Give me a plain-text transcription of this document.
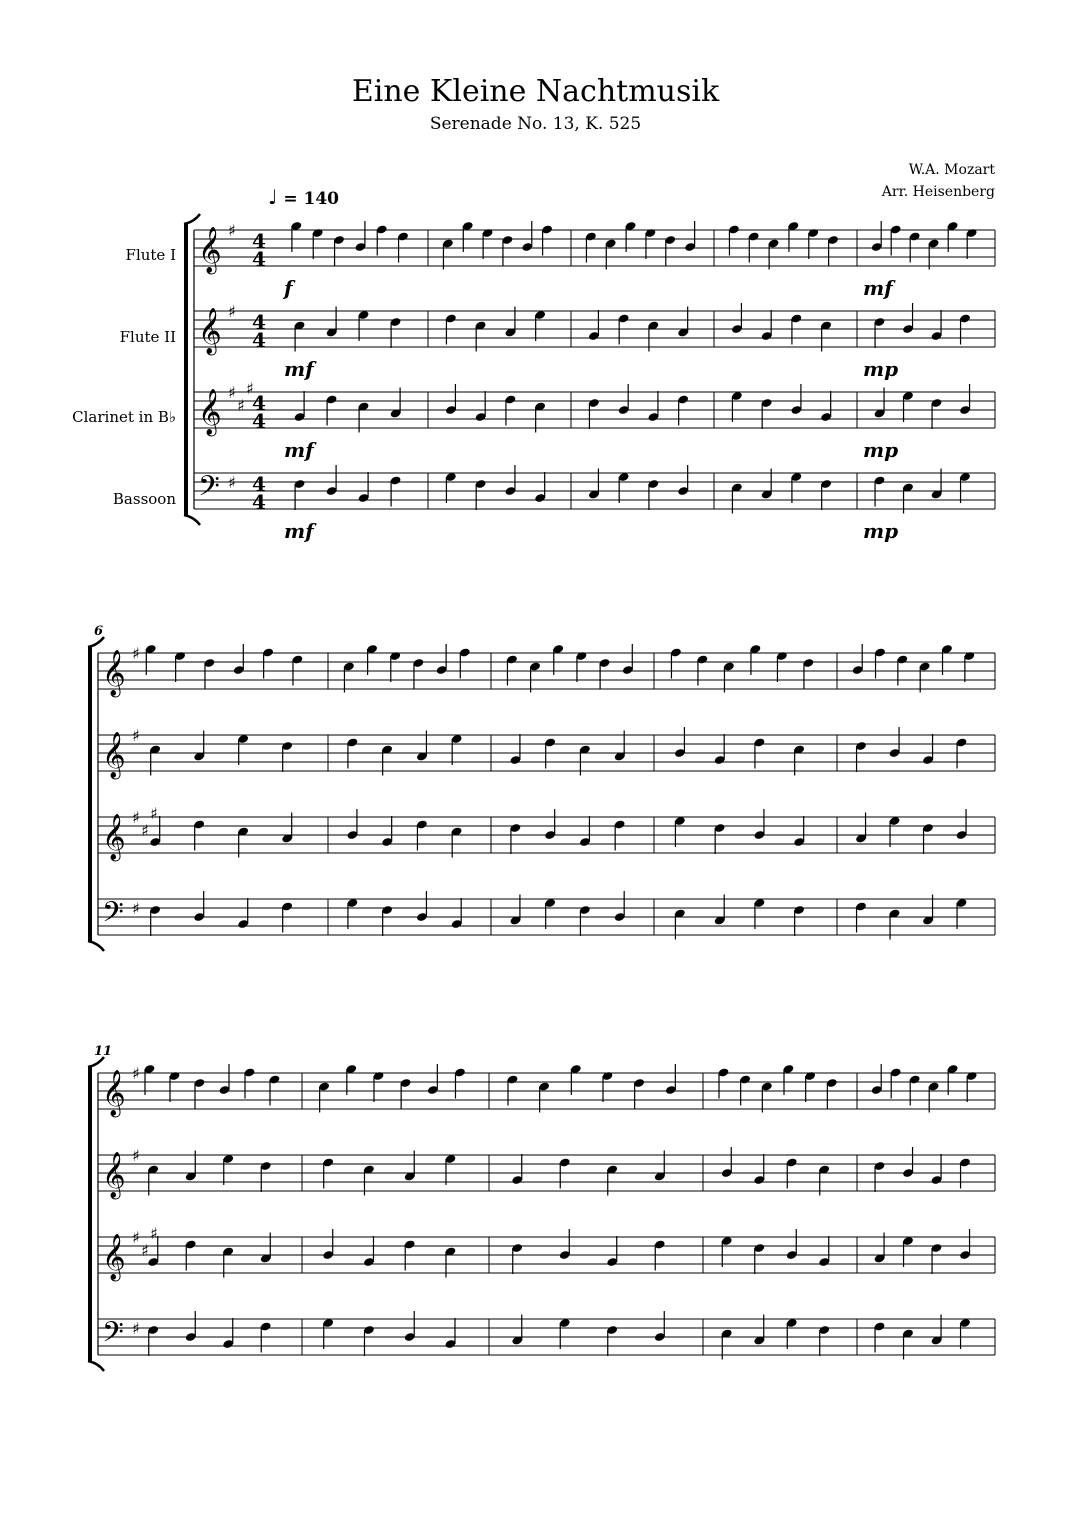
Eine Kleine Nachtmusik
Serenade No. 13, K. 525
W.A. Mozart
Arr. Heisenberg
♩ = 140
Flute I
Flute II
Clarinet in B♭
Bassoon
𝄞 ♯ 4
4
𝄞 ♯ 4
4
𝄞 ♯
♯
♯
4
4
𝄢 ♯ 4
4
𝄞 ♯
𝄞 ♯
𝄞 ♯
♯
♯
𝄢 ♯
6
𝄞 ♯
𝄞 ♯
𝄞 ♯
♯
♯
𝄢 ♯
11
f	mf
mf	mp
mf	mp
mf	mp
